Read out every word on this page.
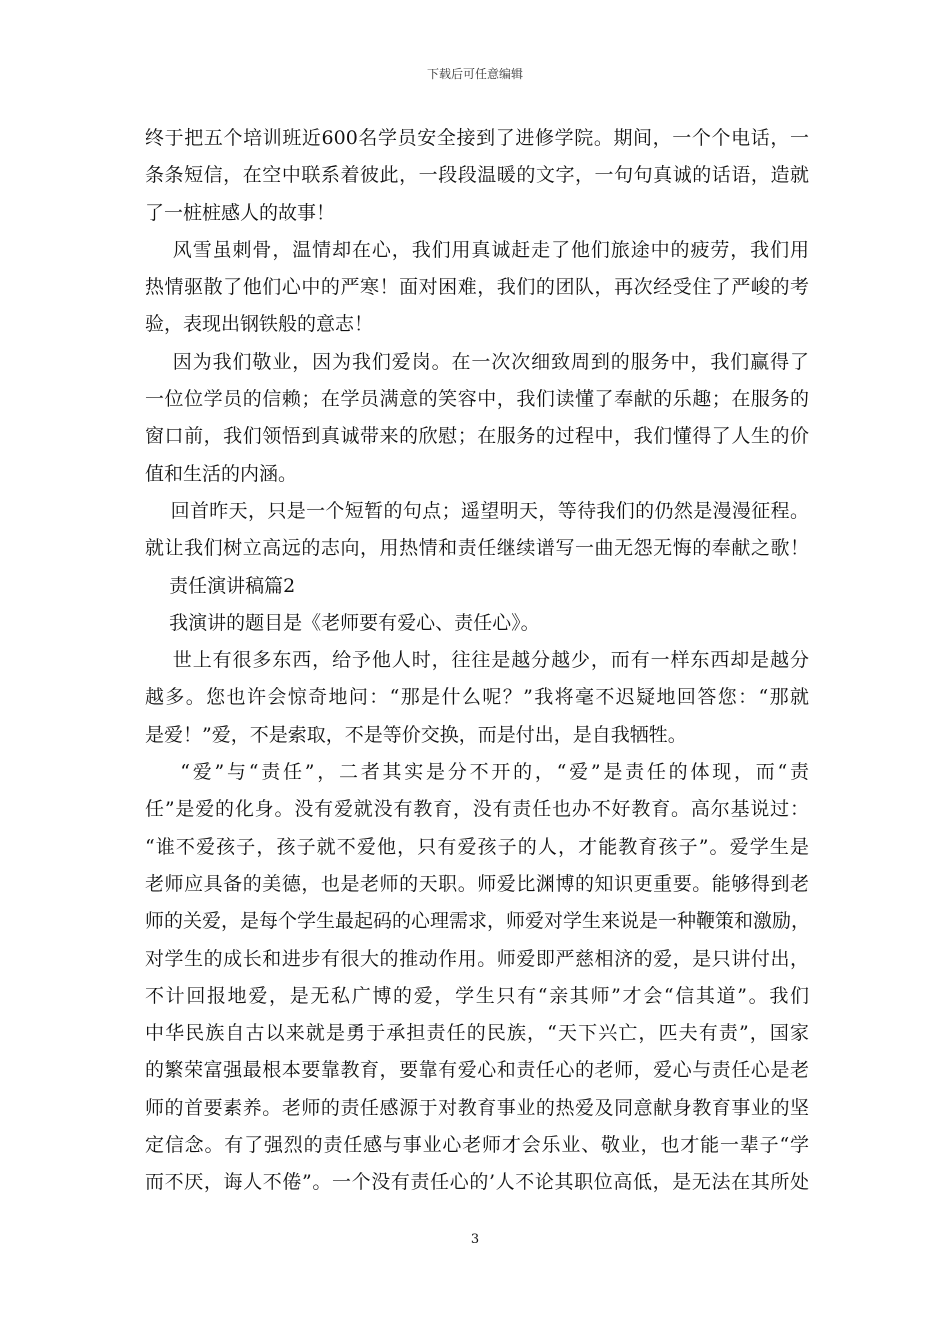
下载后可任意编辑
终于把五个培训班近600名学员安全接到了进修学院。期间，一个个电话，一
条条短信，在空中联系着彼此，一段段温暖的文字，一句句真诚的话语，造就
了一桩桩感人的故事！
风雪虽刺骨，温情却在心，我们用真诚赶走了他们旅途中的疲劳，我们用
热情驱散了他们心中的严寒！面对困难，我们的团队，再次经受住了严峻的考
验，表现出钢铁般的意志！
因为我们敬业，因为我们爱岗。在一次次细致周到的服务中，我们赢得了
一位位学员的信赖；在学员满意的笑容中，我们读懂了奉献的乐趣；在服务的
窗口前，我们领悟到真诚带来的欣慰；在服务的过程中，我们懂得了人生的价
值和生活的内涵。
回首昨天，只是一个短暂的句点；遥望明天，等待我们的仍然是漫漫征程。
就让我们树立高远的志向，用热情和责任继续谱写一曲无怨无悔的奉献之歌！
责任演讲稿篇2
我演讲的题目是《老师要有爱心、责任心》。
世上有很多东西，给予他人时，往往是越分越少，而有一样东西却是越分
越多。您也许会惊奇地问：“那是什么呢？”我将毫不迟疑地回答您：“那就
是爱！”爱，不是索取，不是等价交换，而是付出，是自我牺牲。
“爱”与“责任”，二者其实是分不开的，“爱”是责任的体现，而“责
任”是爱的化身。没有爱就没有教育，没有责任也办不好教育。高尔基说过：
“谁不爱孩子，孩子就不爱他，只有爱孩子的人，才能教育孩子”。爱学生是
老师应具备的美德，也是老师的天职。师爱比渊博的知识更重要。能够得到老
师的关爱，是每个学生最起码的心理需求，师爱对学生来说是一种鞭策和激励，
对学生的成长和进步有很大的推动作用。师爱即严慈相济的爱，是只讲付出，
不计回报地爱，是无私广博的爱，学生只有“亲其师”才会“信其道”。我们
中华民族自古以来就是勇于承担责任的民族，“天下兴亡，匹夫有责”，国家
的繁荣富强最根本要靠教育，要靠有爱心和责任心的老师，爱心与责任心是老
师的首要素养。老师的责任感源于对教育事业的热爱及同意献身教育事业的坚
定信念。有了强烈的责任感与事业心老师才会乐业、敬业，也才能一辈子“学
而不厌，诲人不倦”。一个没有责任心的’人不论其职位高低，是无法在其所处
3
